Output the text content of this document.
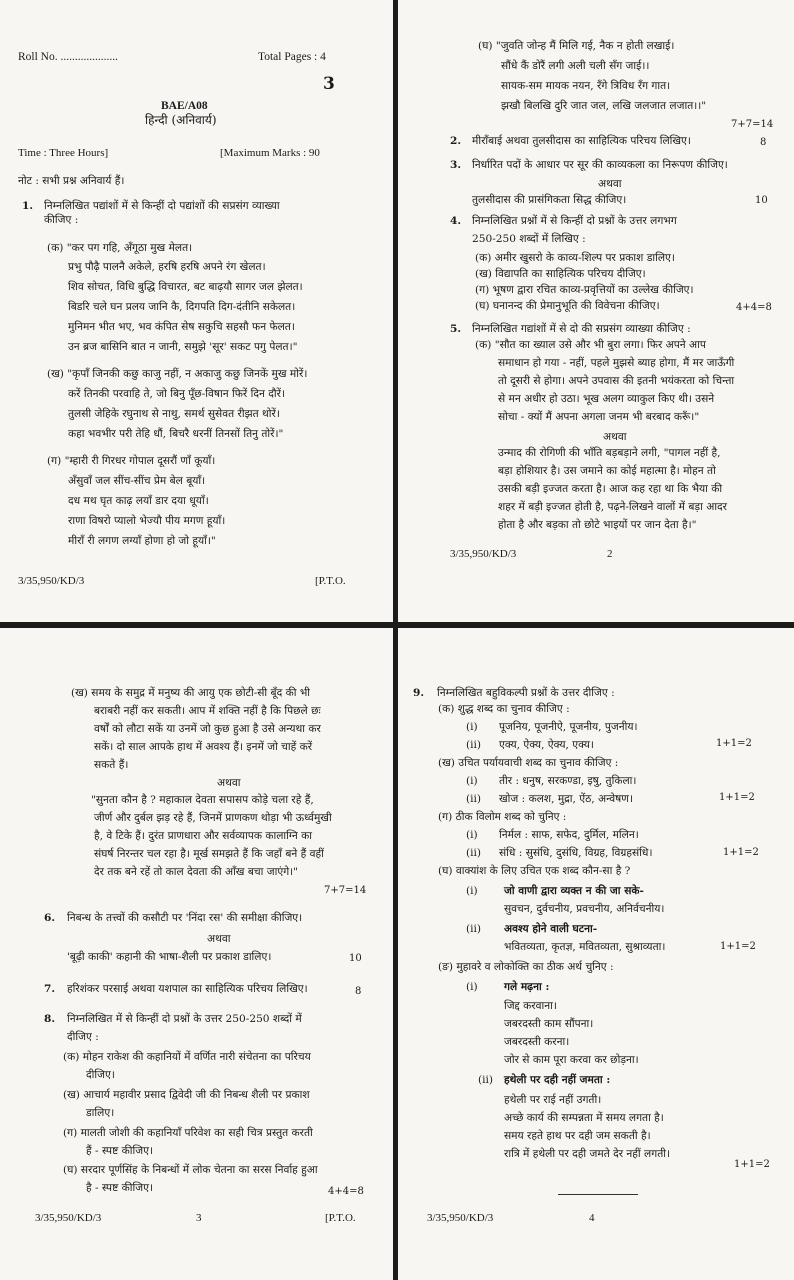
Roll No. ....................	Total Pages : 4
3
BAE/A08
हिन्दी (अनिवार्य)
Time : Three Hours]	[Maximum Marks : 90
नोट : सभी प्रश्न अनिवार्य हैं।
1. निम्नलिखित पद्यांशों में से किन्हीं दो पद्यांशों की सप्रसंग व्याख्या
कीजिए :
(क) "कर पग गहि, अँगूठा मुख मेलत।
प्रभु पौढ़ै पालनै अकेले, हरषि हरषि अपने रंग खेलत।
शिव सोचत, विधि बुद्धि विचारत, बट बाढ़यौ सागर जल झेलत।
बिडरि चले घन प्रलय जानि कै, दिगपति दिग-दंतीनि सकेलत।
मुनिमन भीत भए, भव कंपित सेष सकुचि सहसौ फन फेलत।
उन ब्रज बासिनि बात न जानी, समुझे 'सूर' सकट पगु पेलत।"
(ख) "कृपाँ जिनकी कछु काजु नहीं, न अकाजु कछु जिनकें मुख मोरें।
करें तिनकी परवाहि ते, जो बिनु पूँछ-विषान फिरें दिन दौरें।
तुलसी जेहिके रघुनाथ से नाथु, समर्थ सुसेवत रीझत थोरें।
कहा भवभीर परी तेहि धौं, बिचरै धरनीं तिनसों तिनु तोरें।"
(ग) "म्हारी री गिरधर गोपाल दूसरौं णाँ कूयाँ।
अँसुवाँ जल सींच-सींच प्रेम बेल बूयाँ।
दध मथ घृत काढ़ लयाँ डार दया धूयाँ।
राणा विषरो प्यालो भेज्यौ पीय मगण हूयाँ।
मीराँ री लगण लग्यॉं होणा हो जो हूयाँ।"
3/35,950/KD/3	[P.T.O.
(घ) "जुवति जोन्ह मैं मिलि गई, नैक न होती लखाई।
सौंधे कैं डोरैं लगी अली चली सँग जाई।।
सायक-सम मायक नयन, रँगे त्रिविध रँग गात।
झखौ बिलखि दुरि जात जल, लखि जलजात लजात।।"
7+7=14
2. मीराँबाई अथवा तुलसीदास का साहित्यिक परिचय लिखिए।	8
3. निर्धारित पदों के आधार पर सूर की काव्यकला का निरूपण कीजिए।
अथवा
तुलसीदास की प्रासंगिकता सिद्ध कीजिए।	10
4. निम्नलिखित प्रश्नों में से किन्हीं दो प्रश्नों के उत्तर लगभग
250-250 शब्दों में लिखिए :
(क) अमीर खुसरो के काव्य-शिल्प पर प्रकाश डालिए।
(ख) विद्यापति का साहित्यिक परिचय दीजिए।
(ग) भूषण द्वारा रचित काव्य-प्रवृत्तियों का उल्लेख कीजिए।
(घ) घनानन्द की प्रेमानुभूति की विवेचना कीजिए।	4+4=8
5. निम्नलिखित गद्यांशों में से दो की सप्रसंग व्याख्या कीजिए :
(क) "सौत का ख्याल उसे और भी बुरा लगा। फिर अपने आप
समाधान हो गया - नहीं, पहले मुझसे ब्याह होगा, मैं मर जाऊँगी
तो दूसरी से होगा। अपने उपवास की इतनी भयंकरता को चिन्ता
से मन अधीर हो उठा। भूख अलग व्याकुल किए थी। उसने
सोचा - क्यों मैं अपना अगला जनम भी बरबाद करूँ।"
अथवा
उन्माद की रोगिणी की भाँति बड़बड़ाने लगी, "पागल नहीं है,
बड़ा होशियार है। उस जमाने का कोई महात्मा है। मोहन तो
उसकी बड़ी इज्जत करता है। आज कह रहा था कि भैया की
शहर में बड़ी इज्जत होती है, पढ़ने-लिखने वालों में बड़ा आदर
होता है और बड़का तो छोटे भाइयों पर जान देता है।"
3/35,950/KD/3	2
(ख) समय के समुद्र में मनुष्य की आयु एक छोटी-सी बूँद की भी
बराबरी नहीं कर सकती। आप में शक्ति नहीं है कि पिछले छः
वर्षों को लौटा सकें या उनमें जो कुछ हुआ है उसे अन्यथा कर
सकें। दो साल आपके हाथ में अवश्य हैं। इनमें जो चाहें करें
सकते हैं।
अथवा
"सुनता कौन है ? महाकाल देवता सपासप कोड़े चला रहे हैं,
जीर्ण और दुर्बल झड़ रहे हैं, जिनमें प्राणकण थोड़ा भी ऊर्ध्वमुखी
है, वे टिके हैं। दुरंत प्राणधारा और सर्वव्यापक कालाग्नि का
संघर्ष निरन्तर चल रहा है। मूर्ख समझते हैं कि जहाँ बने हैं वहीं
देर तक बने रहें तो काल देवता की आँख बचा जाएंगे।"
7+7=14
6. निबन्ध के तत्त्वों की कसौटी पर 'निंदा रस' की समीक्षा कीजिए।
अथवा
'बूढ़ी काकी' कहानी की भाषा-शैली पर प्रकाश डालिए।	10
7. हरिशंकर परसाई अथवा यशपाल का साहित्यिक परिचय लिखिए।	8
8. निम्नलिखित में से किन्हीं दो प्रश्नों के उत्तर 250-250 शब्दों में
दीजिए :
(क) मोहन राकेश की कहानियों में वर्णित नारी संचेतना का परिचय
दीजिए।
(ख) आचार्य महावीर प्रसाद द्विवेदी जी की निबन्ध शैली पर प्रकाश
डालिए।
(ग) मालती जोशी की कहानियाँ परिवेश का सही चित्र प्रस्तुत करती
हैं - स्पष्ट कीजिए।
(घ) सरदार पूर्णसिंह के निबन्धों में लोक चेतना का सरस निर्वाह हुआ
है - स्पष्ट कीजिए।	4+4=8
3/35,950/KD/3	3	[P.T.O.
9. निम्नलिखित बहुविकल्पी प्रश्नों के उत्तर दीजिए :
(क) शुद्ध शब्द का चुनाव कीजिए :
(i) पूजनिय, पूजनीऐ, पूजनीय, पुजनीय।
(ii) एक्य, ऐक्य, ऐक्य, एक्य।	1+1=2
(ख) उचित पर्यायवाची शब्द का चुनाव कीजिए :
(i) तीर : धनुष, सरकण्डा, इषु, तुकिला।
(ii) खोज : कलश, मुद्रा, ऐंठ, अन्वेषण।	1+1=2
(ग) ठीक विलोम शब्द को चुनिए :
(i) निर्मल : साफ, सफेद, दुर्मिल, मलिन।
(ii) संधि : सुसंधि, दुसंधि, विग्रह, विग्रहसंधि।	1+1=2
(घ) वाक्यांश के लिए उचित एक शब्द कौन-सा है ?
(i) जो वाणी द्वारा व्यक्त न की जा सके-
सुवचन, दुर्वचनीय, प्रवचनीय, अनिर्वचनीय।
(ii) अवश्य होने वाली घटना-
भवितव्यता, कृतज्ञ, मवितव्यता, सुश्राव्यता।	1+1=2
(ङ) मुहावरे व लोकोक्ति का ठीक अर्थ चुनिए :
(i) गले मढ़ना :
जिद्द करवाना।
जबरदस्ती काम सौंपना।
जबरदस्ती करना।
जोर से काम पूरा करवा कर छोड़ना।
(ii) हथेली पर दही नहीं जमता :
हथेली पर राई नहीं उगती।
अच्छे कार्य की सम्पन्नता में समय लगता है।
समय रहते हाथ पर दही जम सकती है।
रात्रि में हथेली पर दही जमते देर नहीं लगती।
1+1=2
3/35,950/KD/3	4
